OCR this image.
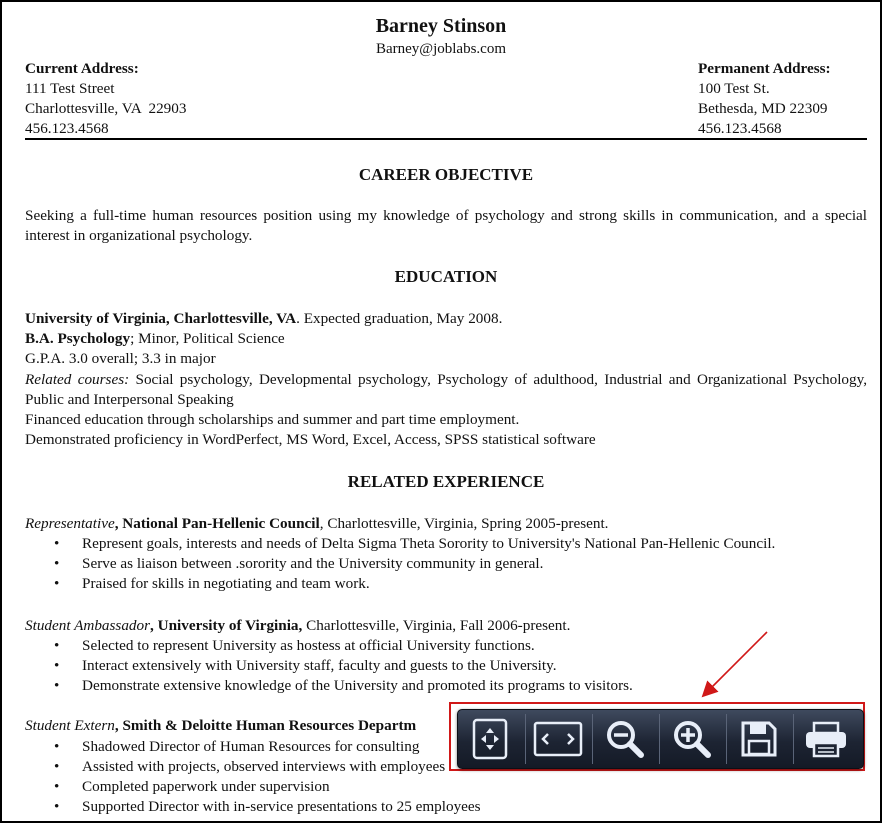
Barney Stinson
Barney@joblabs.com
Current Address:
111 Test Street
Charlottesville, VA  22903
456.123.4568
Permanent Address:
100 Test St.
Bethesda, MD 22309
456.123.4568
CAREER OBJECTIVE
Seeking a full-time human resources position using my knowledge of psychology and strong skills in communication, and a special interest in organizational psychology.
EDUCATION
University of Virginia, Charlottesville, VA. Expected graduation, May 2008.
B.A. Psychology; Minor, Political Science
G.P.A. 3.0 overall; 3.3 in major
Related courses: Social psychology, Developmental psychology, Psychology of adulthood, Industrial and Organizational Psychology, Public and Interpersonal Speaking
Financed education through scholarships and summer and part time employment.
Demonstrated proficiency in WordPerfect, MS Word, Excel, Access, SPSS statistical software
RELATED EXPERIENCE
Representative, National Pan-Hellenic Council, Charlottesville, Virginia, Spring 2005-present.
• Represent goals, interests and needs of Delta Sigma Theta Sorority to University's National Pan-Hellenic Council.
• Serve as liaison between .sorority and the University community in general.
• Praised for skills in negotiating and team work.
Student Ambassador, University of Virginia, Charlottesville, Virginia, Fall 2006-present.
• Selected to represent University as hostess at official University functions.
• Interact extensively with University staff, faculty and guests to the University.
• Demonstrate extensive knowledge of the University and promoted its programs to visitors.
Student Extern, Smith & Deloitte Human Resources Departm
• Shadowed Director of Human Resources for consulting
• Assisted with projects, observed interviews with employees
• Completed paperwork under supervision
• Supported Director with in-service presentations to 25 employees
